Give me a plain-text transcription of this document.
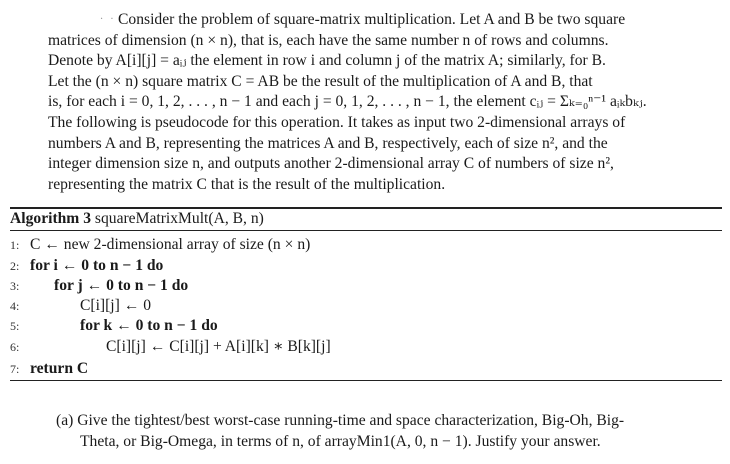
· · Consider the problem of square-matrix multiplication. Let A and B be two square
matrices of dimension (n × n), that is, each have the same number n of rows and columns.
Denote by A[i][j] = aᵢⱼ the element in row i and column j of the matrix A; similarly, for B.
Let the (n × n) square matrix C = AB be the result of the multiplication of A and B, that
is, for each i = 0, 1, 2, . . . , n − 1 and each j = 0, 1, 2, . . . , n − 1, the element cᵢⱼ = Σₖ₌₀ⁿ⁻¹ aᵢₖbₖⱼ.
The following is pseudocode for this operation. It takes as input two 2-dimensional arrays of
numbers A and B, representing the matrices A and B, respectively, each of size n², and the
integer dimension size n, and outputs another 2-dimensional array C of numbers of size n²,
representing the matrix C that is the result of the multiplication.
Algorithm 3 squareMatrixMult(A, B, n)
1: C ← new 2-dimensional array of size (n × n)
2: for i ← 0 to n − 1 do
3: for j ← 0 to n − 1 do
4:	C[i][j] ← 0
5:	for k ← 0 to n − 1 do
6:	C[i][j] ← C[i][j] + A[i][k] ∗ B[k][j]
7: return C
(a) Give the tightest/best worst-case running-time and space characterization, Big-Oh, Big-
Theta, or Big-Omega, in terms of n, of arrayMin1(A, 0, n − 1). Justify your answer.
